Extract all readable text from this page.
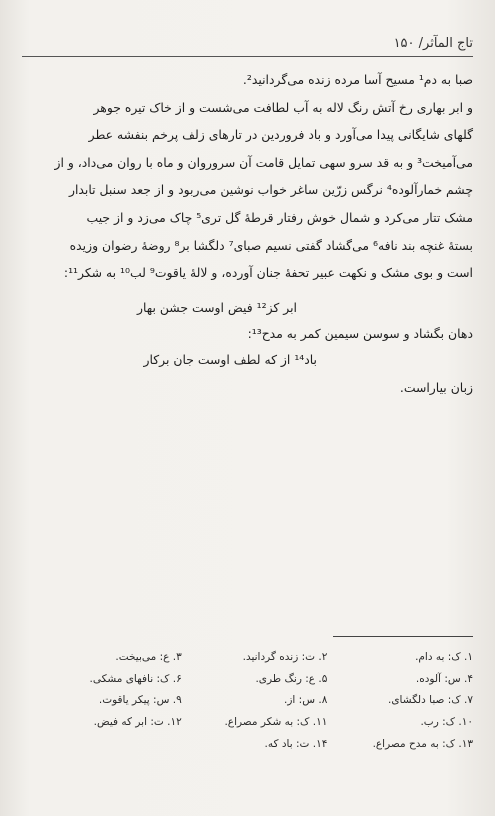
تاج المآثر/ ۱۵۰

صبا به دم¹ مسیح آسا مرده زنده می‌گردانید².

و ابر بهاری رخ آتش رنگ لاله به آب لطافت می‌شست و از خاک تیره جوهر

گلهای شایگانی پیدا می‌آورد و باد فروردین در تارهای زلف پرخم بنفشه عطر

می‌آمیخت³ و به قد سرو سهی تمایل قامت آن سروروان و ماه با روان می‌داد، و از

چشم خمارآلوده⁴ نرگس زرّین ساغر خواب نوشین می‌ربود و از جعد سنبل تابدار

مشک تتار می‌کرد و شمال خوش رفتار قرطهٔ گل تری⁵ چاک می‌زد و از جیب

بستهٔ غنچه بند نافه⁶ می‌گشاد گفتی نسیم صبای⁷ دلگشا بر⁸ روضهٔ رضوان وزیده

است و بوی مشک و نکهت عبیر تحفهٔ جنان آورده، و لالهٔ یاقوت⁹ لب¹⁰ به شکر¹¹:

ابر کز¹² فیض اوست جشن بهار
دهان بگشاد و سوسن سیمین کمر به مدح¹³:
باد¹⁴ از که لطف اوست جان برکار
زبان بیاراست.
۱. ک: به دام.
۲. ت: زنده گردانید.
۳. ع: می‌بیخت.
۴. س: آلوده.
۵. ع: رنگ طری.
۶. ک: نافهای مشکی.
۷. ک: صبا دلگشای.
۸. س: از.
۹. س: پیکر یاقوت.
۱۰. ک: رب.
۱۱. ک: به شکر مصراع.
۱۲. ت: ابر که فیض.
۱۳. ک: به مدح مصراع.
۱۴. ت: باد که.
